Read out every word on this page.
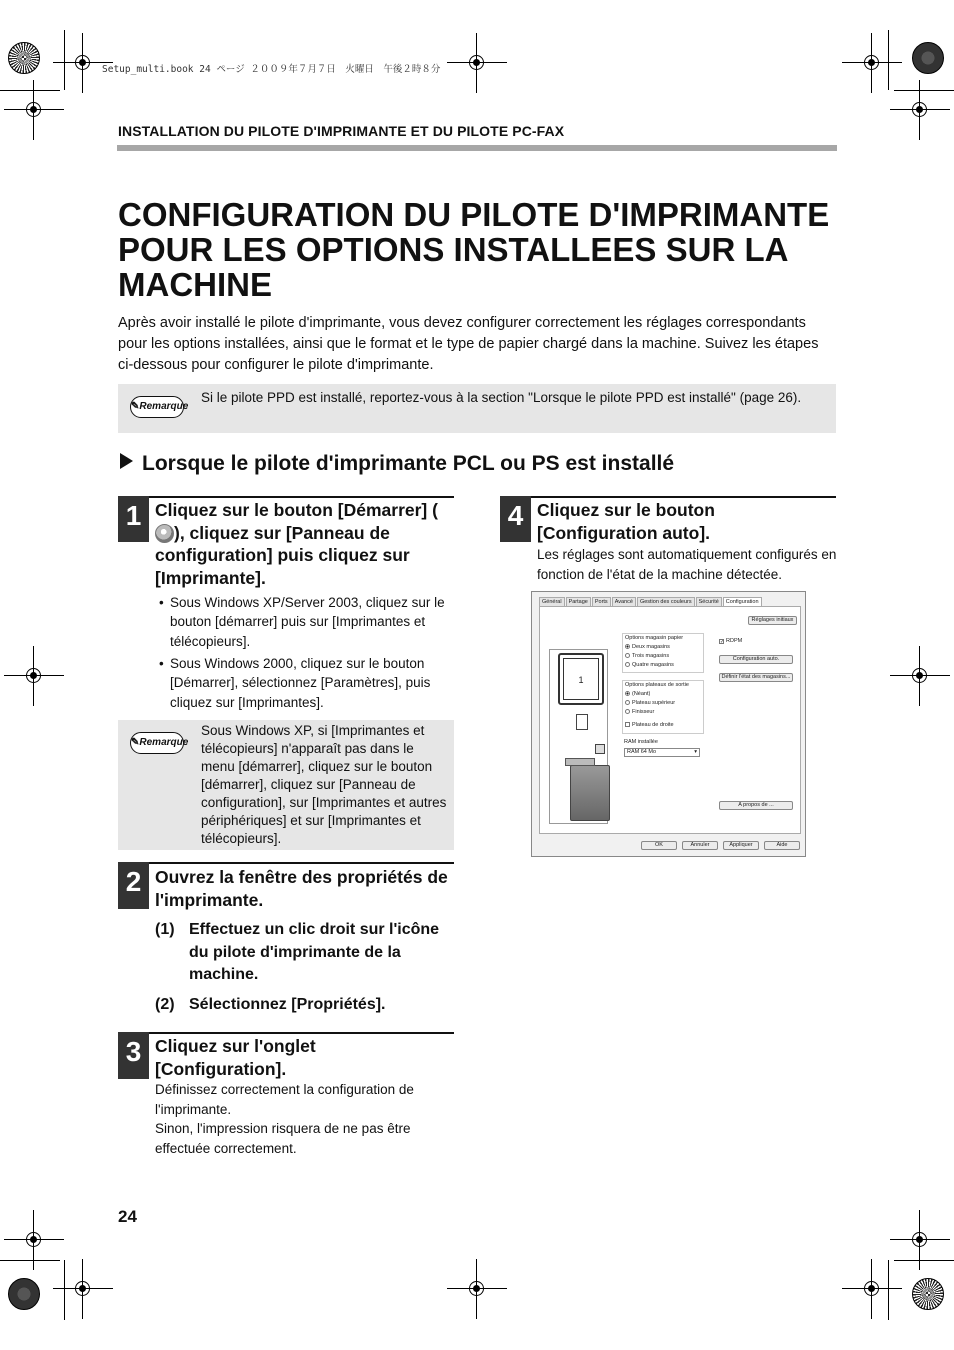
Setup_multi.book 24 ページ ２００９年７月７日　火曜日　午後２時８分
INSTALLATION DU PILOTE D'IMPRIMANTE ET DU PILOTE PC-FAX
CONFIGURATION DU PILOTE D'IMPRIMANTE POUR LES OPTIONS INSTALLEES SUR LA MACHINE

Après avoir installé le pilote d'imprimante, vous devez configurer correctement les réglages correspondants pour les options installées, ainsi que le format et le type de papier chargé dans la machine. Suivez les étapes ci-dessous pour configurer le pilote d'imprimante.

✎Remarque
Si le pilote PPD est installé, reportez-vous à la section "Lorsque le pilote PPD est installé" (page 26).
Lorsque le pilote d'imprimante PCL ou PS est installé
1 Cliquez sur le bouton [Démarrer] (), cliquez sur [Panneau de configuration] puis cliquez sur [Imprimante].
• Sous Windows XP/Server 2003, cliquez sur le bouton [démarrer] puis sur [Imprimantes et télécopieurs].
• Sous Windows 2000, cliquez sur le bouton [Démarrer], sélectionnez [Paramètres], puis cliquez sur [Imprimantes].
✎Remarque
Sous Windows XP, si [Imprimantes et télécopieurs] n'apparaît pas dans le menu [démarrer], cliquez sur le bouton [démarrer], cliquez sur [Panneau de configuration], sur [Imprimantes et autres périphériques] et sur [Imprimantes et télécopieurs].
2 Ouvrez la fenêtre des propriétés de l'imprimante.
(1) Effectuez un clic droit sur l'icône du pilote d'imprimante de la machine.
(2) Sélectionnez [Propriétés].
3 Cliquez sur l'onglet [Configuration].
Définissez correctement la configuration de l'imprimante.
Sinon, l'impression risquera de ne pas être effectuée correctement.
4 Cliquez sur le bouton [Configuration auto].
Les réglages sont automatiquement configurés en fonction de l'état de la machine détectée.
Général	Partage	Ports	Avancé	Gestion des couleurs	Sécurité	Configuration
Réglages initiaux
1
Options magasin papier
Deux magasins
Trois magasins
Quatre magasins
Options plateaux de sortie
(Néant)
Plateau supérieur
Finisseur
Plateau de droite
✓ RDPM
Configuration auto.
Définir l'état des magasins...
RAM installée
RAM 64 Mo	▾
A propos de ...
OK	Annuler	Appliquer	Aide
24
